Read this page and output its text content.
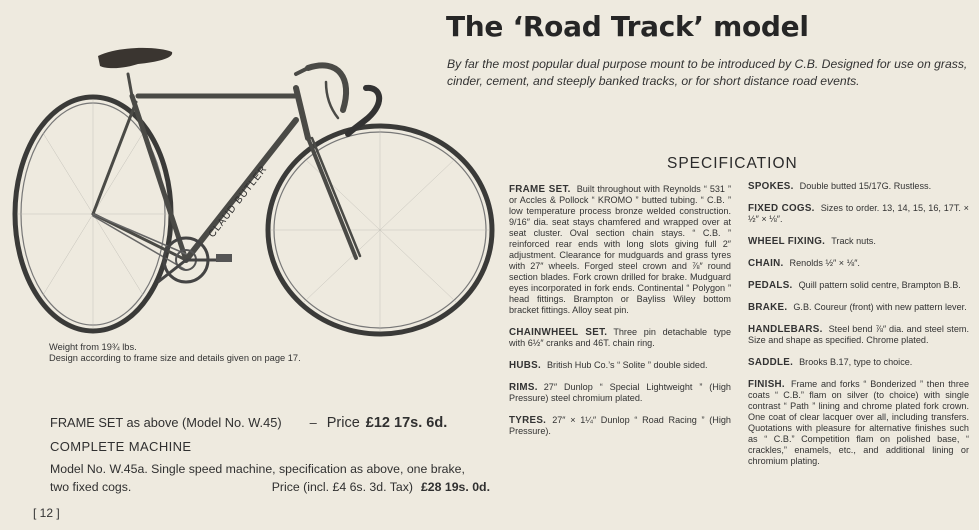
The ‘Road Track’ model
By far the most popular dual purpose mount to be introduced by C.B. Designed for use on grass, cinder, cement, and steeply banked tracks, or for short distance road events.
CLAUD BUTLER
Weight from 19¾ lbs.
Design according to frame size and details given on page 17.
FRAME SET as above (Model No. W.45) – Price £12 17s. 6d.
COMPLETE MACHINE
Model No. W.45a. Single speed machine, specification as above, one brake,
two fixed cogs.	Price (incl. £4 6s. 3d. Tax) £28 19s. 0d.
[ 12 ]
SPECIFICATION
FRAME SET. Built throughout with Reynolds “ 531 ” or Accles & Pollock “ KROMO ” butted tubing. “ C.B. ” low temperature process bronze welded construction. 9/16″ dia. seat stays chamfered and wrapped over at seat cluster. Oval section chain stays. “ C.B. ” reinforced rear ends with long slots giving full 2″ adjustment. Clearance for mudguards and grass tyres with 27″ wheels. Forged steel crown and ⅞″ round section blades. Fork crown drilled for brake. Mudguard eyes incorporated in fork ends. Continental “ Polygon ” head fittings. Brampton or Bayliss Wiley bottom bracket fittings. Alloy seat pin.
CHAINWHEEL SET. Three pin detachable type with 6½″ cranks and 46T. chain ring.
HUBS. British Hub Co.’s “ Solite ” double sided.
RIMS. 27″ Dunlop “ Special Lightweight ” (High Pressure) steel chromium plated.
TYRES. 27″ × 1¼″ Dunlop “ Road Racing ” (High Pressure).
SPOKES. Double butted 15/17G. Rustless.
FIXED COGS. Sizes to order. 13, 14, 15, 16, 17T. × ½″ × ⅛″.
WHEEL FIXING. Track nuts.
CHAIN. Renolds ½″ × ⅛″.
PEDALS. Quill pattern solid centre, Brampton B.B.
BRAKE. G.B. Coureur (front) with new pattern lever.
HANDLEBARS. Steel bend ⅞″ dia. and steel stem. Size and shape as specified. Chrome plated.
SADDLE. Brooks B.17, type to choice.
FINISH. Frame and forks “ Bonderized ” then three coats “ C.B.” flam on silver (to choice) with single contrast “ Path ” lining and chrome plated fork crown. One coat of clear lacquer over all, including transfers. Quotations with pleasure for alternative finishes such as “ C.B.” Competition flam on polished base, “ crackles,” enamels, etc., and additional lining or chromium plating.
